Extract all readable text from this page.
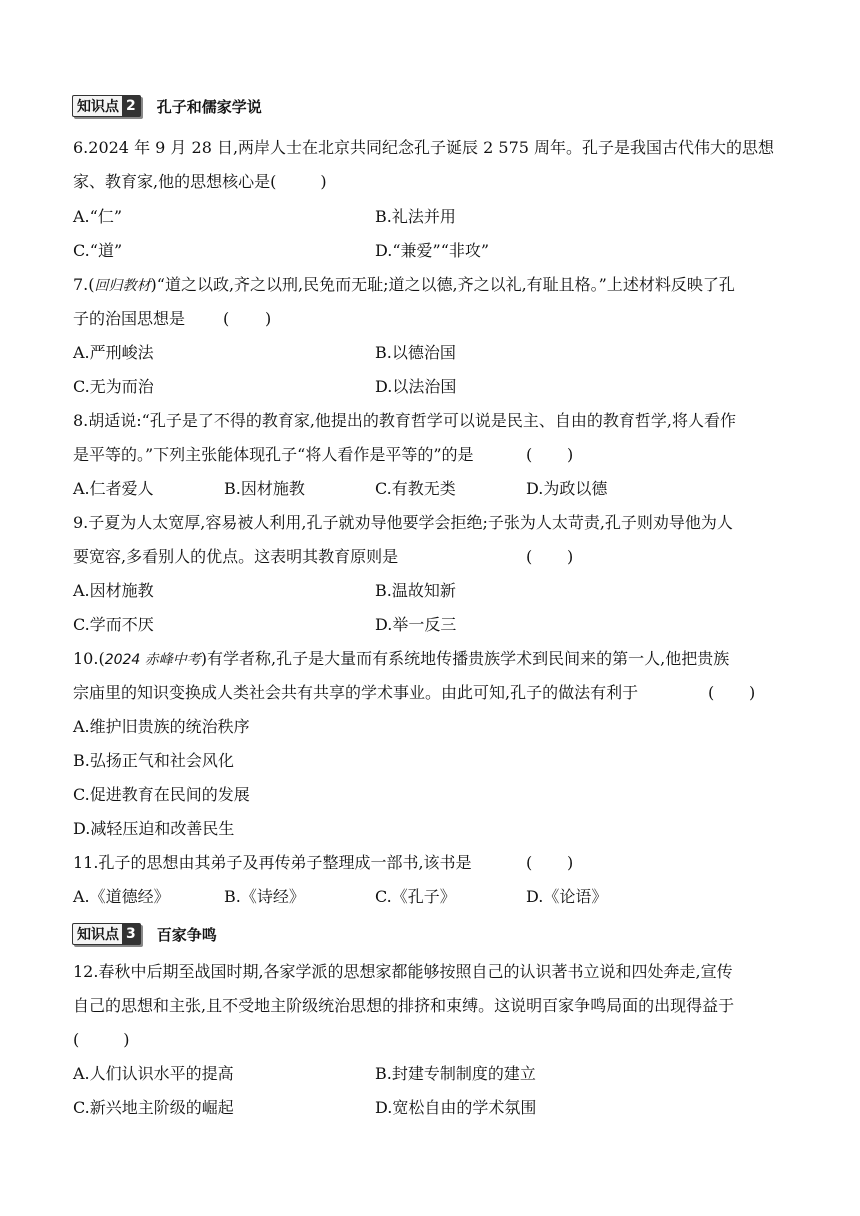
知识点 2 孔子和儒家学说
6.2024 年 9 月 28 日,两岸人士在北京共同纪念孔子诞辰 2 575 周年。孔子是我国古代伟大的思想
家、教育家,他的思想核心是(	)
A.“仁”	B.礼法并用
C.“道”	D.“兼爱”“非攻”
7.(回归教材)“道之以政,齐之以刑,民免而无耻;道之以德,齐之以礼,有耻且格。”上述材料反映了孔
子的治国思想是 ( )
A.严刑峻法	B.以德治国
C.无为而治	D.以法治国
8.胡适说:“孔子是了不得的教育家,他提出的教育哲学可以说是民主、自由的教育哲学,将人看作
是平等的。”下列主张能体现孔子“将人看作是平等的”的是	( )
A.仁者爱人	B.因材施教	C.有教无类	D.为政以德
9.子夏为人太宽厚,容易被人利用,孔子就劝导他要学会拒绝;子张为人太苛责,孔子则劝导他为人
要宽容,多看别人的优点。这表明其教育原则是	( )
A.因材施教	B.温故知新
C.学而不厌	D.举一反三
10.(2024 赤峰中考)有学者称,孔子是大量而有系统地传播贵族学术到民间来的第一人,他把贵族
宗庙里的知识变换成人类社会共有共享的学术事业。由此可知,孔子的做法有利于	( )
A.维护旧贵族的统治秩序
B.弘扬正气和社会风化
C.促进教育在民间的发展
D.减轻压迫和改善民生
11.孔子的思想由其弟子及再传弟子整理成一部书,该书是	( )
A.《道德经》	B.《诗经》	C.《孔子》	D.《论语》
知识点 3 百家争鸣
12.春秋中后期至战国时期,各家学派的思想家都能够按照自己的认识著书立说和四处奔走,宣传
自己的思想和主张,且不受地主阶级统治思想的排挤和束缚。这说明百家争鸣局面的出现得益于
(	)
A.人们认识水平的提高	B.封建专制制度的建立
C.新兴地主阶级的崛起	D.宽松自由的学术氛围
